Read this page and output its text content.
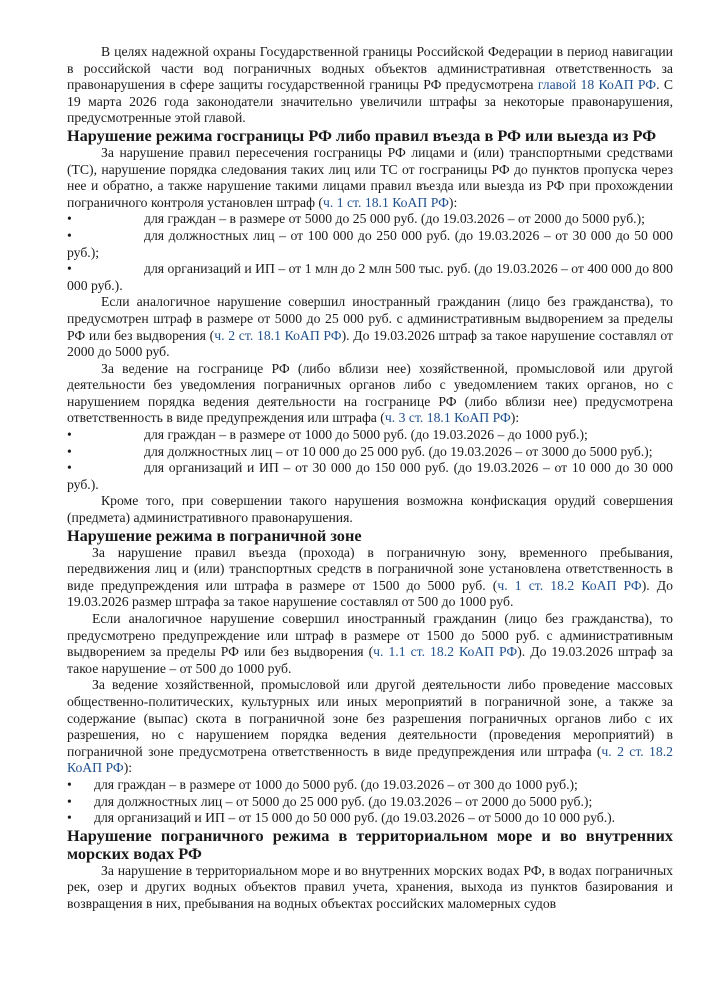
В целях надежной охраны Государственной границы Российской Федерации в период навигации в российской части вод пограничных водных объектов административная ответственность за правонарушения в сфере защиты государственной границы РФ предусмотрена главой 18 КоАП РФ. С 19 марта 2026 года законодатели значительно увеличили штрафы за некоторые правонарушения, предусмотренные этой главой.

Нарушение режима госграницы РФ либо правил въезда в РФ или выезда из РФ

За нарушение правил пересечения госграницы РФ лицами и (или) транспортными средствами (ТС), нарушение порядка следования таких лиц или ТС от госграницы РФ до пунктов пропуска через нее и обратно, а также нарушение такими лицами правил въезда или выезда из РФ при прохождении пограничного контроля установлен штраф (ч. 1 ст. 18.1 КоАП РФ):

•	для граждан – в размере от 5000 до 25 000 руб. (до 19.03.2026 – от 2000 до 5000 руб.);
•	для должностных лиц – от 100 000 до 250 000 руб. (до 19.03.2026 – от 30 000 до 50 000 руб.);
•	для организаций и ИП – от 1 млн до 2 млн 500 тыс. руб. (до 19.03.2026 – от 400 000 до 800 000 руб.).

Если аналогичное нарушение совершил иностранный гражданин (лицо без гражданства), то предусмотрен штраф в размере от 5000 до 25 000 руб. с административным выдворением за пределы РФ или без выдворения (ч. 2 ст. 18.1 КоАП РФ). До 19.03.2026 штраф за такое нарушение составлял от 2000 до 5000 руб.

За ведение на госгранице РФ (либо вблизи нее) хозяйственной, промысловой или другой деятельности без уведомления пограничных органов либо с уведомлением таких органов, но с нарушением порядка ведения деятельности на госгранице РФ (либо вблизи нее) предусмотрена ответственность в виде предупреждения или штрафа (ч. 3 ст. 18.1 КоАП РФ):

•	для граждан – в размере от 1000 до 5000 руб. (до 19.03.2026 – до 1000 руб.);
•	для должностных лиц – от 10 000 до 25 000 руб. (до 19.03.2026 – от 3000 до 5000 руб.);
•	для организаций и ИП – от 30 000 до 150 000 руб. (до 19.03.2026 – от 10 000 до 30 000 руб.).

Кроме того, при совершении такого нарушения возможна конфискация орудий совершения (предмета) административного правонарушения.

Нарушение режима в пограничной зоне

За нарушение правил въезда (прохода) в пограничную зону, временного пребывания, передвижения лиц и (или) транспортных средств в пограничной зоне установлена ответственность в виде предупреждения или штрафа в размере от 1500 до 5000 руб. (ч. 1 ст. 18.2 КоАП РФ). До 19.03.2026 размер штрафа за такое нарушение составлял от 500 до 1000 руб.

Если аналогичное нарушение совершил иностранный гражданин (лицо без гражданства), то предусмотрено предупреждение или штраф в размере от 1500 до 5000 руб. с административным выдворением за пределы РФ или без выдворения (ч. 1.1 ст. 18.2 КоАП РФ). До 19.03.2026 штраф за такое нарушение – от 500 до 1000 руб.

За ведение хозяйственной, промысловой или другой деятельности либо проведение массовых общественно-политических, культурных или иных мероприятий в пограничной зоне, а также за содержание (выпас) скота в пограничной зоне без разрешения пограничных органов либо с их разрешения, но с нарушением порядка ведения деятельности (проведения мероприятий) в пограничной зоне предусмотрена ответственность в виде предупреждения или штрафа (ч. 2 ст. 18.2 КоАП РФ):

• для граждан – в размере от 1000 до 5000 руб. (до 19.03.2026 – от 300 до 1000 руб.);
• для должностных лиц – от 5000 до 25 000 руб. (до 19.03.2026 – от 2000 до 5000 руб.);
• для организаций и ИП – от 15 000 до 50 000 руб. (до 19.03.2026 – от 5000 до 10 000 руб.).
Нарушение пограничного режима в территориальном море и во внутренних морских водах РФ

За нарушение в территориальном море и во внутренних морских водах РФ, в водах пограничных рек, озер и других водных объектов правил учета, хранения, выхода из пунктов базирования и возвращения в них, пребывания на водных объектах российских маломерных судов
